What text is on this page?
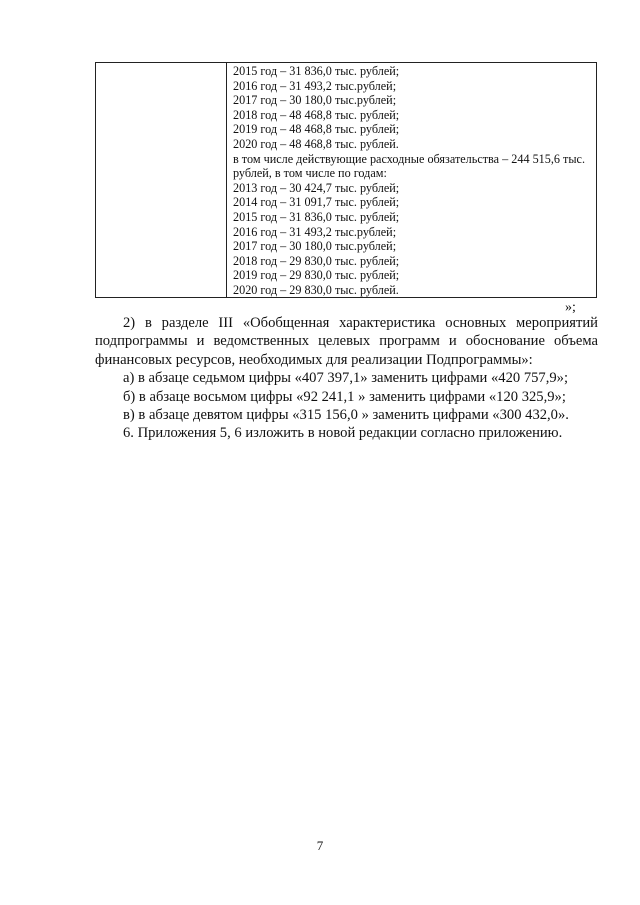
2015 год – 31 836,0 тыс. рублей;
2016 год – 31 493,2 тыс.рублей;
2017 год – 30 180,0 тыс.рублей;
2018 год – 48 468,8 тыс. рублей;
2019 год – 48 468,8 тыс. рублей;
2020 год – 48 468,8 тыс. рублей.
в том числе действующие расходные обязательства – 244 515,6 тыс. рублей, в том числе по годам:
2013 год – 30 424,7 тыс. рублей;
2014 год – 31 091,7 тыс. рублей;
2015 год – 31 836,0 тыс. рублей;
2016 год – 31 493,2 тыс.рублей;
2017 год – 30 180,0 тыс.рублей;
2018 год – 29 830,0 тыс. рублей;
2019 год – 29 830,0 тыс. рублей;
2020 год – 29 830,0 тыс. рублей.
»;

2) в разделе III «Обобщенная характеристика основных мероприятий подпрограммы и ведомственных целевых программ и обоснование объема финансовых ресурсов, необходимых для реализации Подпрограммы»:

а) в абзаце седьмом цифры «407 397,1» заменить цифрами «420 757,9»;

б) в абзаце восьмом цифры «92 241,1 » заменить цифрами «120 325,9»;

в) в абзаце девятом цифры «315 156,0 » заменить цифрами «300 432,0».

6. Приложения 5, 6 изложить в новой редакции согласно приложению.

7
